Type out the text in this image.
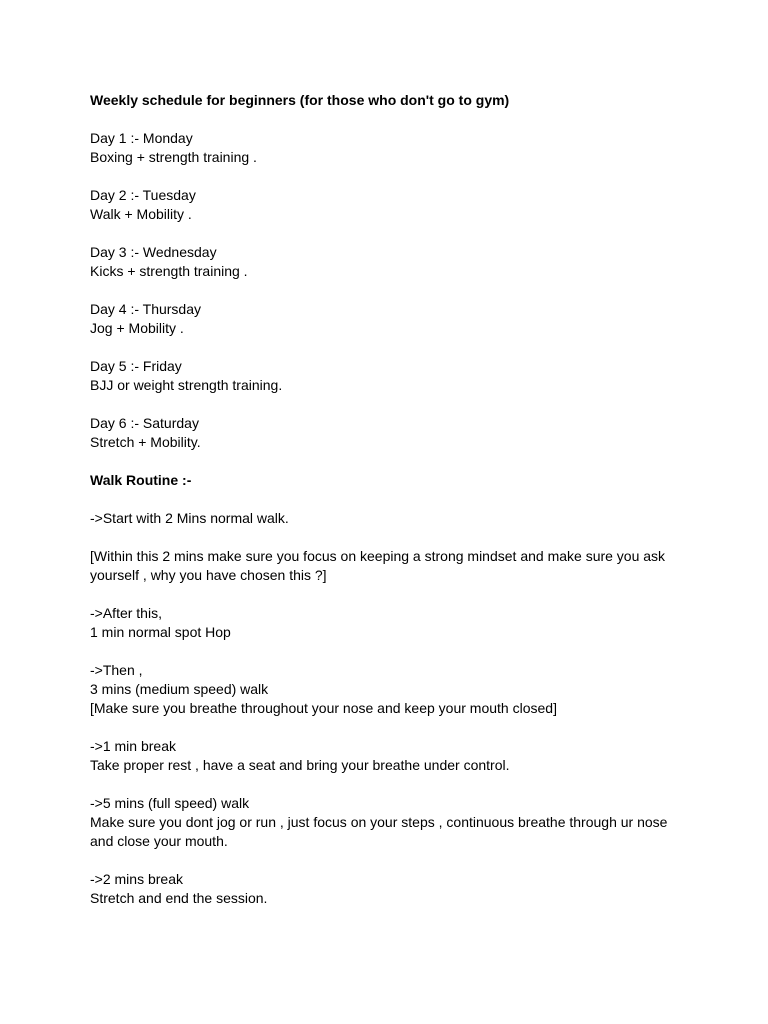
Weekly schedule for beginners (for those who don't go to gym)
Day 1 :- Monday
Boxing + strength training .
Day 2 :- Tuesday
Walk + Mobility .
Day 3 :- Wednesday
Kicks + strength training .
Day 4 :- Thursday
Jog + Mobility .
Day 5 :- Friday
BJJ or weight strength training.
Day 6 :- Saturday
Stretch + Mobility.
Walk Routine :-
->Start with 2 Mins normal walk.
[Within this 2 mins make sure you focus on keeping a strong mindset and make sure you ask yourself , why you have chosen this ?]
->After this,
1 min normal spot Hop
->Then ,
3 mins (medium speed) walk
[Make sure you breathe throughout your nose and keep your mouth closed]
->1 min break
Take proper rest , have a seat and bring your breathe under control.
->5 mins (full speed) walk
Make sure you dont jog or run , just focus on your steps , continuous breathe through ur nose and close your mouth.
->2 mins break
Stretch and end the session.
